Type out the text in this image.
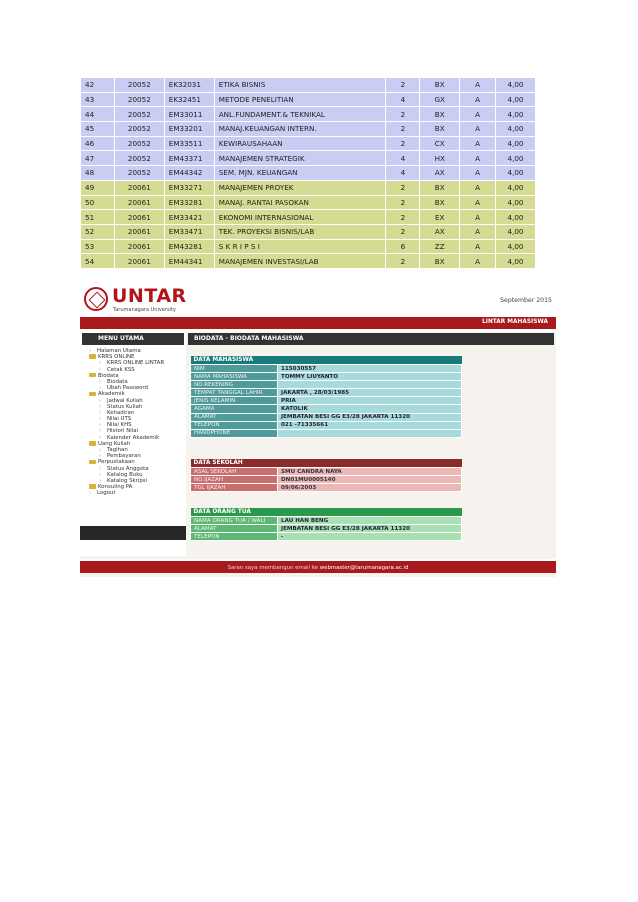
42	20052	EK32031	ETIKA BISNIS	2	BX	A	4,00
43	20052	EK32451	METODE PENELITIAN	4	GX	A	4,00
44	20052	EM33011	ANL.FUNDAMENT.& TEKNIKAL	2	BX	A	4,00
45	20052	EM33201	MANAJ.KEUANGAN INTERN.	2	BX	A	4,00
46	20052	EM33511	KEWIRAUSAHAAN	2	CX	A	4,00
47	20052	EM43371	MANAJEMEN STRATEGIK	4	HX	A	4,00
48	20052	EM44342	SEM. MJN. KEUANGAN	4	AX	A	4,00
49	20061	EM33271	MANAJEMEN PROYEK	2	BX	A	4,00
50	20061	EM33281	MANAJ. RANTAI PASOKAN	2	BX	A	4,00
51	20061	EM33421	EKONOMI INTERNASIONAL	2	EX	A	4,00
52	20061	EM33471	TEK. PROYEKSI BISNIS/LAB	2	AX	A	4,00
53	20061	EM43281	S K R I P S I	6	ZZ	A	4,00
54	20061	EM44341	MANAJEMEN INVESTASI/LAB	2	BX	A	4,00
UNTAR
Tarumanagara University
September 2015
LINTAR MAHASISWA
MENU UTAMA
› Halaman Utama
KRRS ONLINE
› KRRS ONLINE LINTAR
› Cetak KSS
Biodata
› Biodata
› Ubah Password
Akademik
› Jadwal Kuliah
› Status Kuliah
› Kehadiran
› Nilai UTS
› Nilai KHS
› Histori Nilai
› Kalender Akademik
Uang Kuliah
› Tagihan
› Pembayaran
Perpustakaan
› Status Anggota
› Katalog Buku
› Katalog Skripsi
Konsuling PA
› Logout
BIODATA - BIODATA MAHASISWA
DATA MAHASISWA	
NIM	115030557
NAMA MAHASISWA	TOMMY LIUYANTO
NO.REKENING	
TEMPAT TANGGAL LAHIR	JAKARTA , 28/03/1985
JENIS KELAMIN	PRIA
AGAMA	KATOLIK
ALAMAT	JEMBATAN BESI GG E3/28 JAKARTA 11320
TELEPON	021 -71335661
HANDPHONE	
DATA SEKOLAH	
ASAL SEKOLAH	SMU CANDRA NAYA
NO.IJAZAH	DN01MU0005140
TGL IJAZAH	09/06/2003
DATA ORANG TUA	
NAMA ORANG TUA / WALI	LAU HAN BENG
ALAMAT	JEMBATAN BESI GG E3/28 JAKARTA 11320
TELEPON	-
Saran saya membangun email ke webmaster@tarumanagara.ac.id
